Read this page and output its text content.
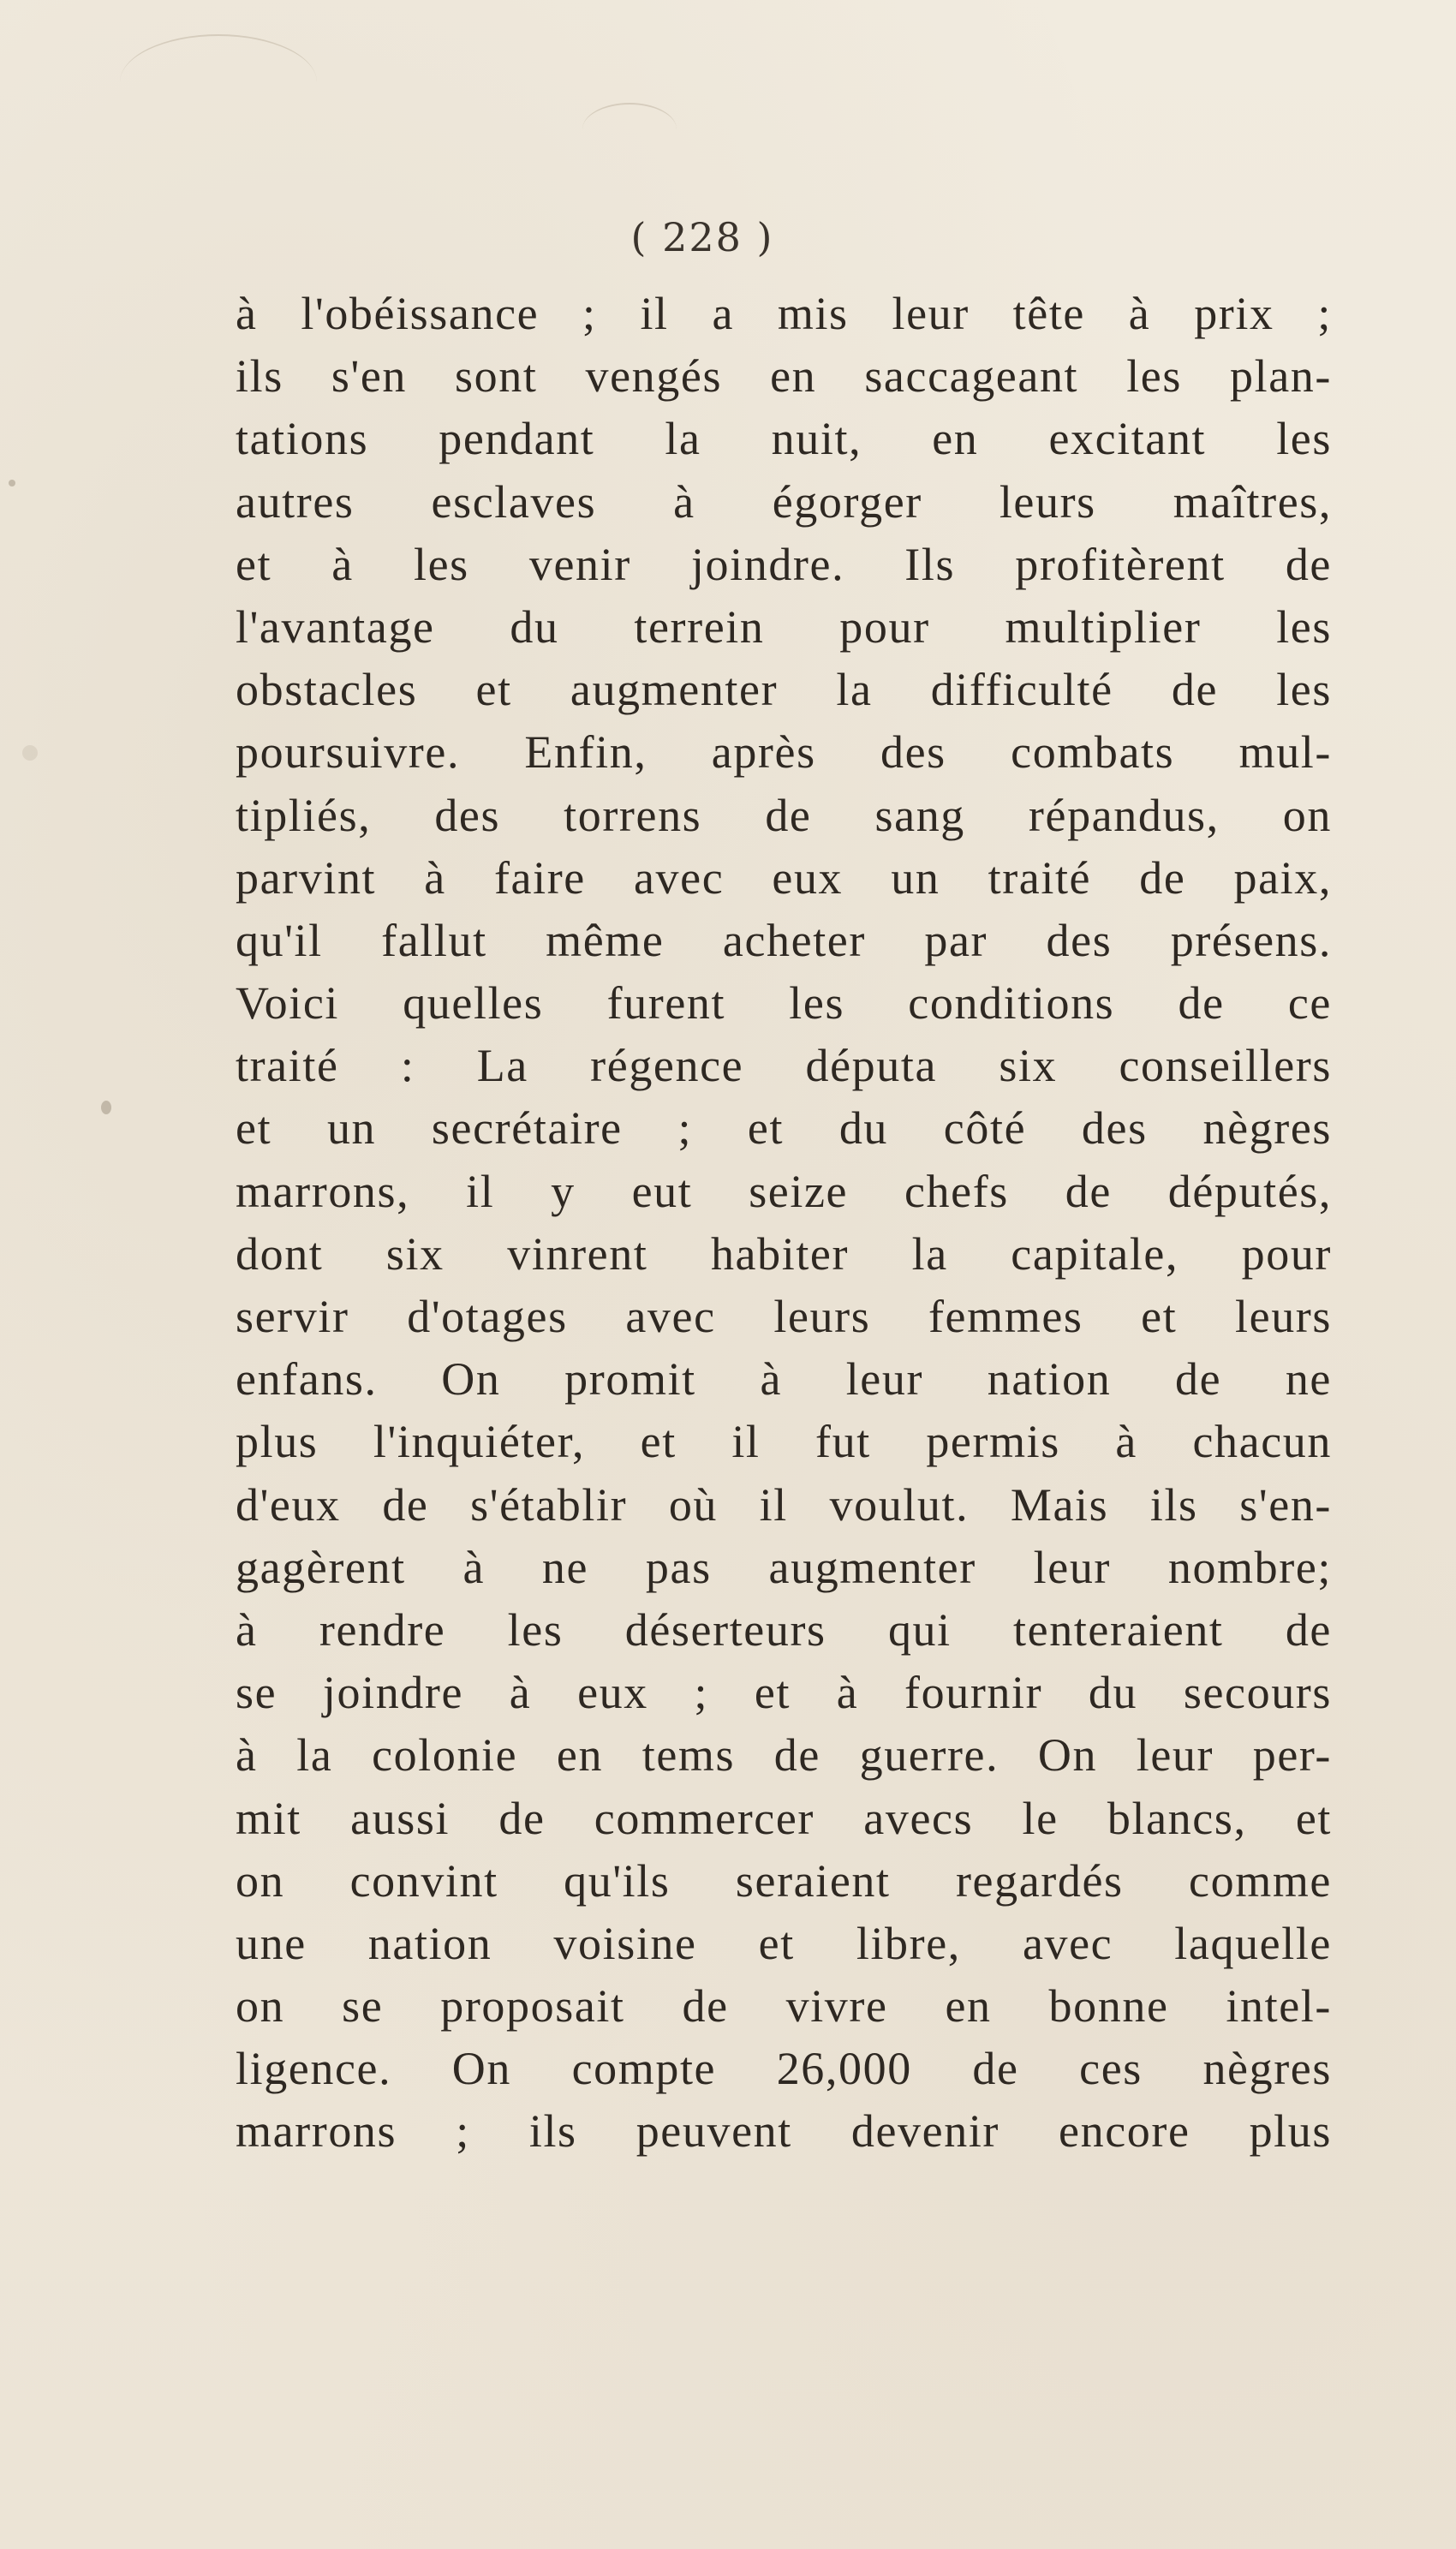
( 228 )
à l'obéissance ; il a mis leur tête à prix ;
ils s'en sont vengés en saccageant les plan-
tations pendant la nuit, en excitant les
autres esclaves à égorger leurs maîtres,
et à les venir joindre. Ils profitèrent de
l'avantage du terrein pour multiplier les
obstacles et augmenter la difficulté de les
poursuivre. Enfin, après des combats mul-
tipliés, des torrens de sang répandus, on
parvint à faire avec eux un traité de paix,
qu'il fallut même acheter par des présens.
Voici quelles furent les conditions de ce
traité : La régence députa six conseillers
et un secrétaire ; et du côté des nègres
marrons, il y eut seize chefs de députés,
dont six vinrent habiter la capitale, pour
servir d'otages avec leurs femmes et leurs
enfans. On promit à leur nation de ne
plus l'inquiéter, et il fut permis à chacun
d'eux de s'établir où il voulut. Mais ils s'en-
gagèrent à ne pas augmenter leur nombre;
à rendre les déserteurs qui tenteraient de
se joindre à eux ; et à fournir du secours
à la colonie en tems de guerre. On leur per-
mit aussi de commercer avecs le blancs, et
on convint qu'ils seraient regardés comme
une nation voisine et libre, avec laquelle
on se proposait de vivre en bonne intel-
ligence. On compte 26,000 de ces nègres
marrons ; ils peuvent devenir encore plus
